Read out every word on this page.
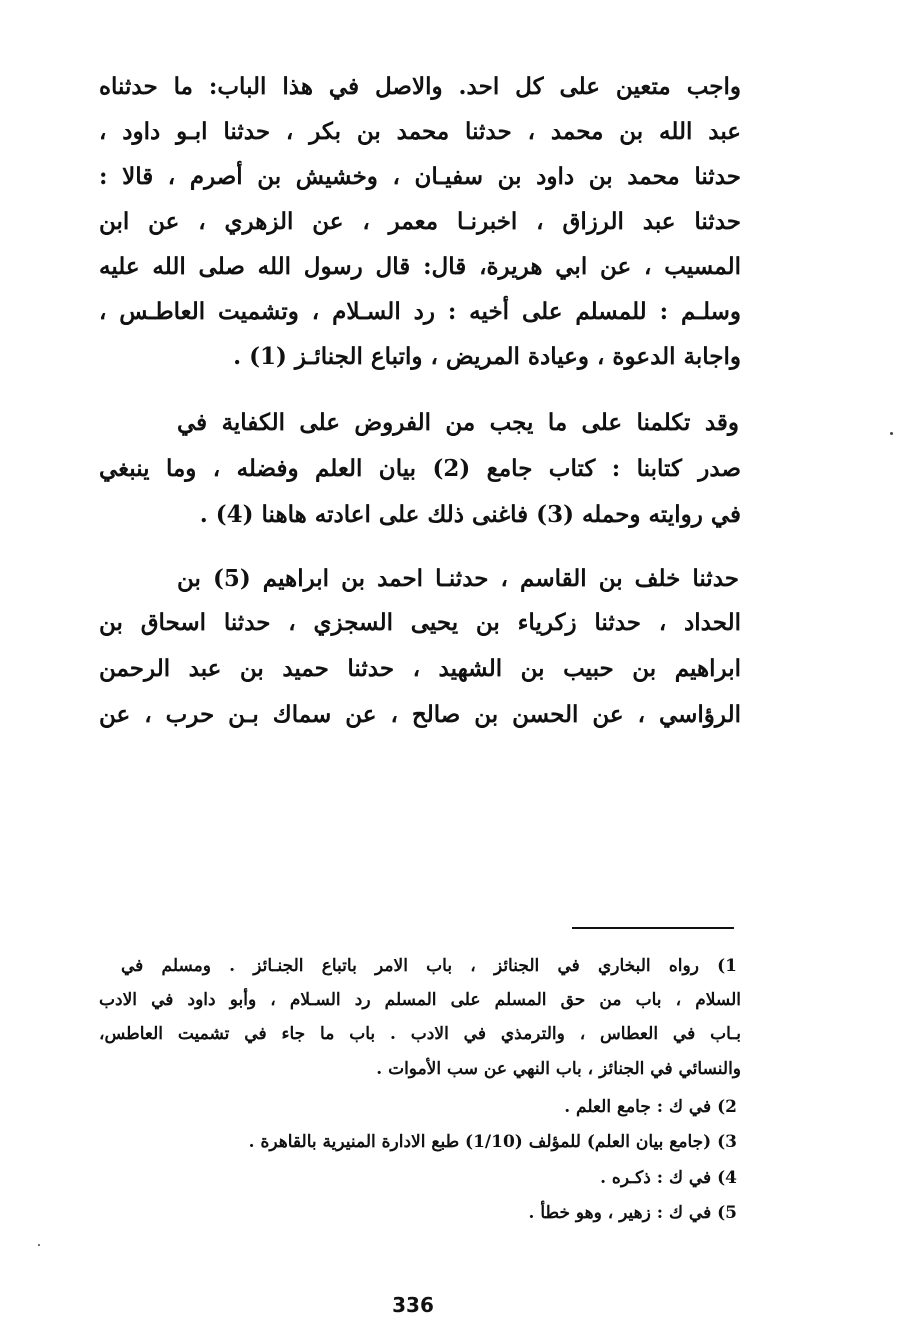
واجب متعين على كل احد. والاصل في هذا الباب: ما حدثناه
عبد الله بن محمد ، حدثنا محمد بن بكر ، حدثنا ابـو داود ،
حدثنا محمد بن داود بن سفيـان ، وخشيش بن أصرم ، قالا :
حدثنا عبد الرزاق ، اخبرنـا معمر ، عن الزهري ، عن ابن
المسيب ، عن ابي هريرة، قال: قال رسول الله صلى الله عليه
وسلـم : للمسلم على أخيه : رد السـلام ، وتشميت العاطـس ،
واجابة الدعوة ، وعيادة المريض ، واتباع الجنائـز (1) .
وقد تكلمنا على ما يجب من الفروض على الكفاية في
صدر كتابنا : كتاب جامع (2) بيان العلم وفضله ، وما ينبغي
في روايته وحمله (3) فاغنى ذلك على اعادته هاهنا (4) .
حدثنا خلف بن القاسم ، حدثنـا احمد بن ابراهيم (5) بن
الحداد ، حدثنا زكرياء بن يحيى السجزي ، حدثنا اسحاق بن
ابراهيم بن حبيب بن الشهيد ، حدثنا حميد بن عبد الرحمن
الرؤاسي ، عن الحسن بن صالح ، عن سماك بـن حرب ، عن
1) رواه البخاري في الجنائز ، باب الامر باتباع الجنـائز . ومسلم في
السلام ، باب من حق المسلم على المسلم رد السـلام ، وأبو داود في الادب
بـاب في العطاس ، والترمذي في الادب . باب ما جاء في تشميت العاطس،
والنسائي في الجنائز ، باب النهي عن سب الأموات .
2) في ك : جامع العلم .
3) (جامع بيان العلم) للمؤلف (1/10) طبع الادارة المنيرية بالقاهرة .
4) في ك : ذكـره .
5) في ك : زهير ، وهو خطأ .
336
